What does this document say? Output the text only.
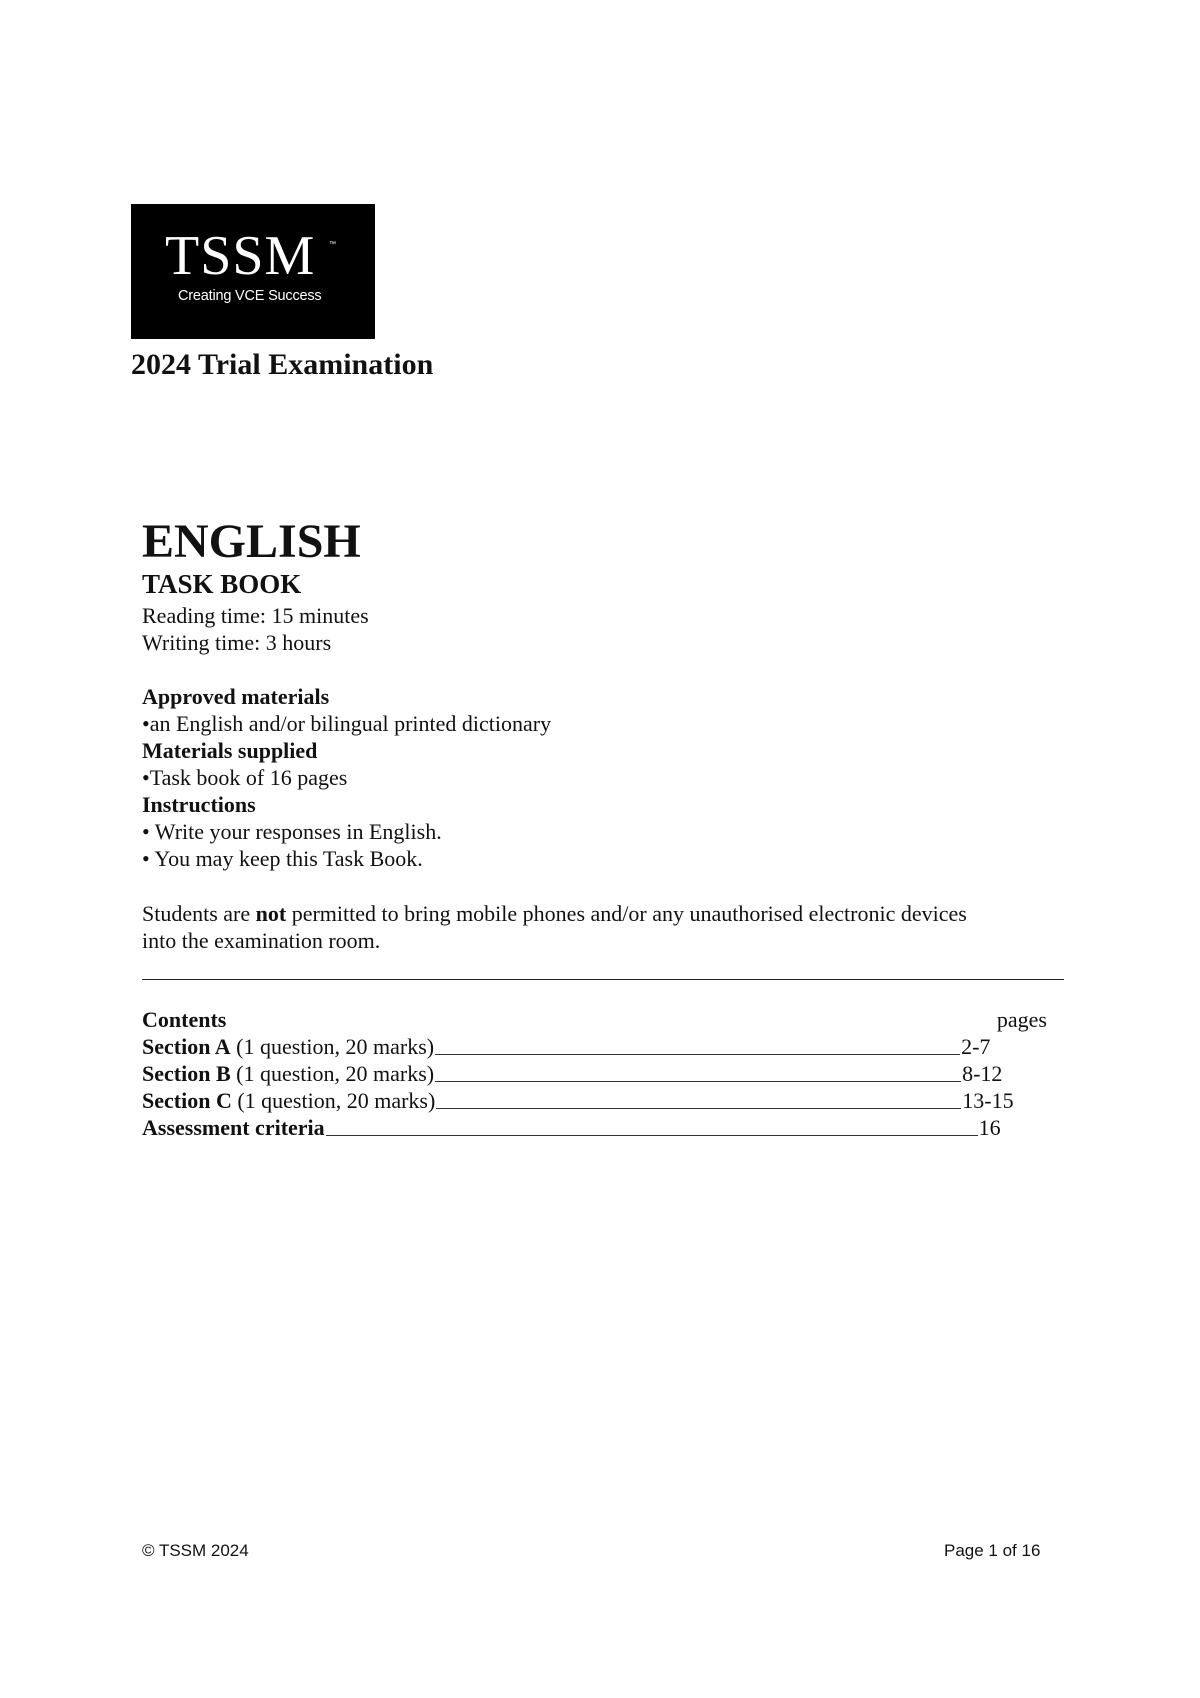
TSSM ™
Creating VCE Success
2024 Trial Examination
ENGLISH
TASK BOOK
Reading time: 15 minutes
Writing time: 3 hours
Approved materials
•an English and/or bilingual printed dictionary
Materials supplied
•Task book of 16 pages
Instructions
• Write your responses in English.
• You may keep this Task Book.
Students are not permitted to bring mobile phones and/or any unauthorised electronic devices
into the examination room.
Contents	pages
Section A (1 question, 20 marks)	2-7
Section B (1 question, 20 marks)	8-12
Section C (1 question, 20 marks)	13-15
Assessment criteria	16
© TSSM 2024	Page 1 of 16
